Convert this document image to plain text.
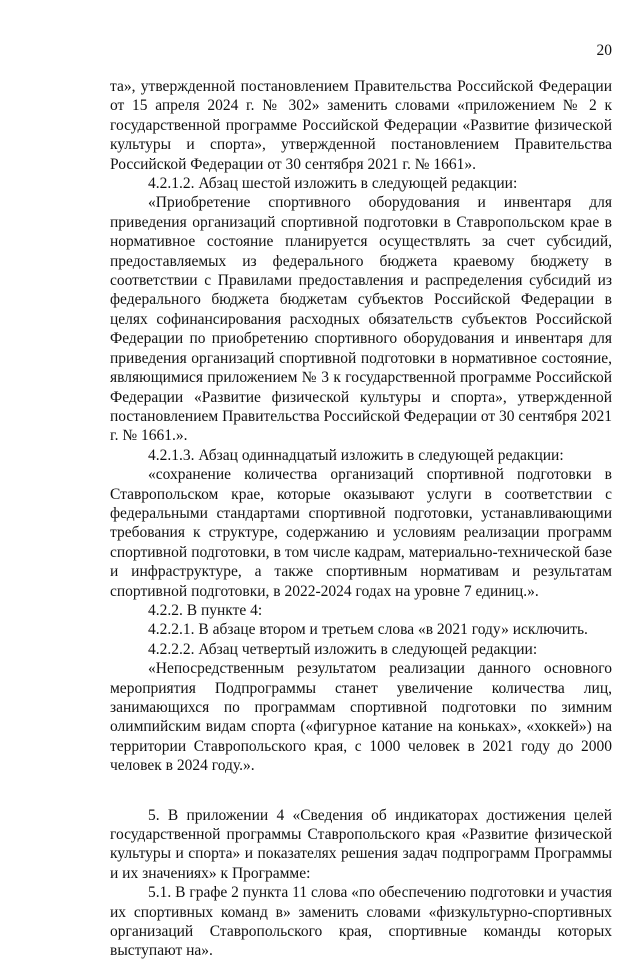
20

та», утвержденной постановлением Правительства Российской Федерации от 15 апреля 2024 г. № 302» заменить словами «приложением № 2 к государственной программе Российской Федерации «Развитие физической культуры и спорта», утвержденной постановлением Правительства Российской Федерации от 30 сентября 2021 г. № 1661».

4.2.1.2. Абзац шестой изложить в следующей редакции:

«Приобретение спортивного оборудования и инвентаря для приведения организаций спортивной подготовки в Ставропольском крае в нормативное состояние планируется осуществлять за счет субсидий, предоставляемых из федерального бюджета краевому бюджету в соответствии с Правилами предоставления и распределения субсидий из федерального бюджета бюджетам субъектов Российской Федерации в целях софинансирования расходных обязательств субъектов Российской Федерации по приобретению спортивного оборудования и инвентаря для приведения организаций спортивной подготовки в нормативное состояние, являющимися приложением № 3 к государственной программе Российской Федерации «Развитие физической культуры и спорта», утвержденной постановлением Правительства Российской Федерации от 30 сентября 2021 г. № 1661.».

4.2.1.3. Абзац одиннадцатый изложить в следующей редакции:

«сохранение количества организаций спортивной подготовки в Ставропольском крае, которые оказывают услуги в соответствии с федеральными стандартами спортивной подготовки, устанавливающими требования к структуре, содержанию и условиям реализации программ спортивной подготовки, в том числе кадрам, материально-технической базе и инфраструктуре, а также спортивным нормативам и результатам спортивной подготовки, в 2022-2024 годах на уровне 7 единиц.».

4.2.2. В пункте 4:

4.2.2.1. В абзаце втором и третьем слова «в 2021 году» исключить.

4.2.2.2. Абзац четвертый изложить в следующей редакции:

«Непосредственным результатом реализации данного основного мероприятия Подпрограммы станет увеличение количества лиц, занимающихся по программам спортивной подготовки по зимним олимпийским видам спорта («фигурное катание на коньках», «хоккей») на территории Ставропольского края, с 1000 человек в 2021 году до 2000 человек в 2024 году.».

5. В приложении 4 «Сведения об индикаторах достижения целей государственной программы Ставропольского края «Развитие физической культуры и спорта» и показателях решения задач подпрограмм Программы и их значениях» к Программе:

5.1. В графе 2 пункта 11 слова «по обеспечению подготовки и участия их спортивных команд в» заменить словами «физкультурно-спортивных организаций Ставропольского края, спортивные команды которых выступают на».
